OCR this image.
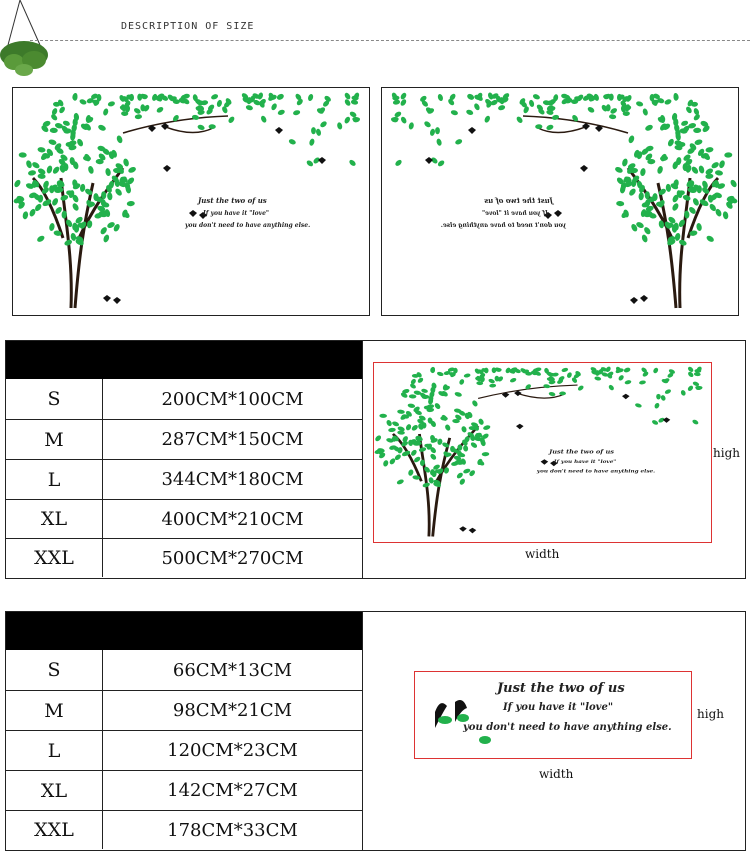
DESCRIPTION OF SIZE
Just the two of us
If you have it "love"
you don't need to have anything else.
Just the two of us
If you have it "love"
you don't need to have anything else.
S	200CM*100CM
M	287CM*150CM
L	344CM*180CM
XL	400CM*210CM
XXL	500CM*270CM
Just the two of us
If you have it "love"
you don't need to have anything else.
width
high
S	66CM*13CM
M	98CM*21CM
L	120CM*23CM
XL	142CM*27CM
XXL	178CM*33CM
Just the two of us
If you have it "love"
you don't need to have anything else.
width
high
